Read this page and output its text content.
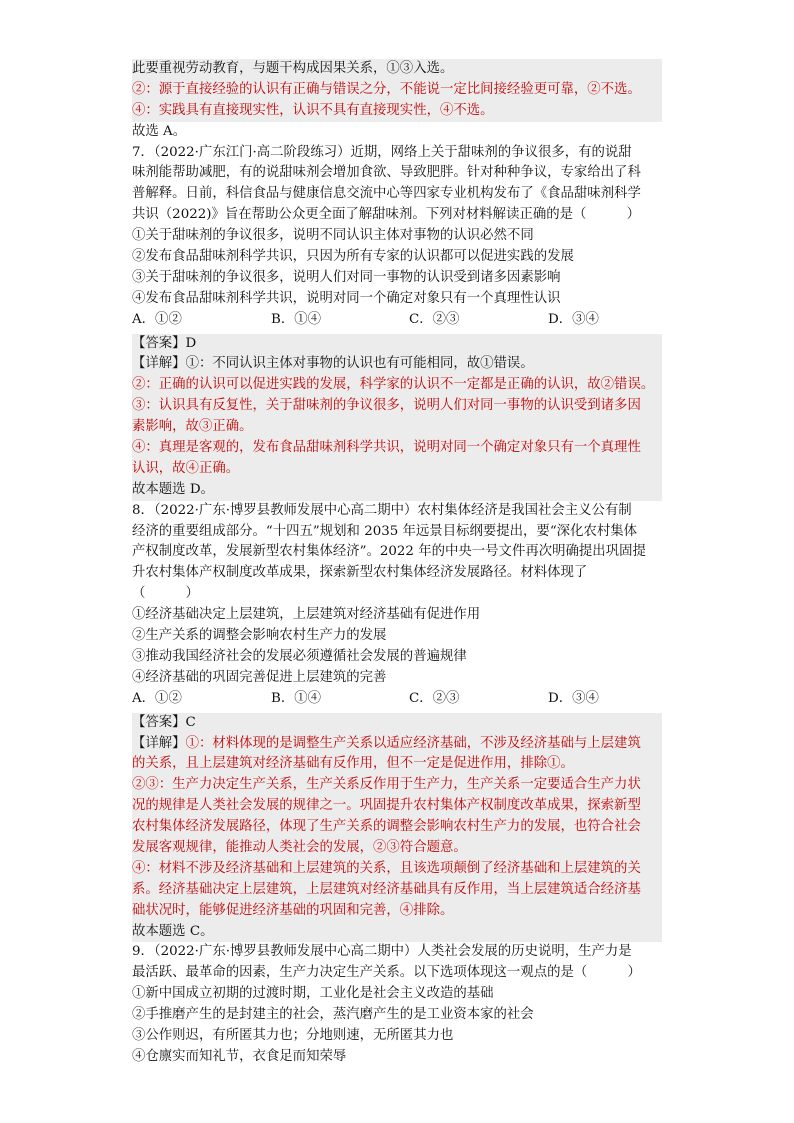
此要重视劳动教育，与题干构成因果关系，①③入选。
②：源于直接经验的认识有正确与错误之分，不能说一定比间接经验更可靠，②不选。
④：实践具有直接现实性，认识不具有直接现实性，④不选。
故选 A。
7．（2022·广东江门·高二阶段练习）近期，网络上关于甜味剂的争议很多，有的说甜
味剂能帮助减肥，有的说甜味剂会增加食欲、导致肥胖。针对种种争议，专家给出了科
普解释。日前，科信食品与健康信息交流中心等四家专业机构发布了《食品甜味剂科学
共识（2022)》旨在帮助公众更全面了解甜味剂。下列对材料解读正确的是（　　　）
①关于甜味剂的争议很多，说明不同认识主体对事物的认识必然不同
②发布食品甜味剂科学共识，只因为所有专家的认识都可以促进实践的发展
③关于甜味剂的争议很多，说明人们对同一事物的认识受到诸多因素影响
④发布食品甜味剂科学共识，说明对同一个确定对象只有一个真理性认识
A．①②	B．①④	C．②③	D．③④
【答案】D
【详解】①：不同认识主体对事物的认识也有可能相同，故①错误。
②：正确的认识可以促进实践的发展，科学家的认识不一定都是正确的认识，故②错误。
③：认识具有反复性，关于甜味剂的争议很多，说明人们对同一事物的认识受到诸多因
素影响，故③正确。
④：真理是客观的，发布食品甜味剂科学共识，说明对同一个确定对象只有一个真理性
认识，故④正确。
故本题选 D。
8．（2022·广东·博罗县教师发展中心高二期中）农村集体经济是我国社会主义公有制
经济的重要组成部分。“十四五”规划和 2035 年远景目标纲要提出，要“深化农村集体
产权制度改革，发展新型农村集体经济”。2022 年的中央一号文件再次明确提出巩固提
升农村集体产权制度改革成果，探索新型农村集体经济发展路径。材料体现了
（　　　）
①经济基础决定上层建筑，上层建筑对经济基础有促进作用
②生产关系的调整会影响农村生产力的发展
③推动我国经济社会的发展必须遵循社会发展的普遍规律
④经济基础的巩固完善促进上层建筑的完善
A．①②	B．①④	C．②③	D．③④
【答案】C
【详解】①：材料体现的是调整生产关系以适应经济基础，不涉及经济基础与上层建筑
的关系，且上层建筑对经济基础有反作用，但不一定是促进作用，排除①。
②③：生产力决定生产关系，生产关系反作用于生产力，生产关系一定要适合生产力状
况的规律是人类社会发展的规律之一。巩固提升农村集体产权制度改革成果，探索新型
农村集体经济发展路径，体现了生产关系的调整会影响农村生产力的发展，也符合社会
发展客观规律，能推动人类社会的发展，②③符合题意。
④：材料不涉及经济基础和上层建筑的关系，且该选项颠倒了经济基础和上层建筑的关
系。经济基础决定上层建筑，上层建筑对经济基础具有反作用，当上层建筑适合经济基
础状况时，能够促进经济基础的巩固和完善，④排除。
故本题选 C。
9．（2022·广东·博罗县教师发展中心高二期中）人类社会发展的历史说明，生产力是
最活跃、最革命的因素，生产力决定生产关系。以下选项体现这一观点的是（　　　）
①新中国成立初期的过渡时期，工业化是社会主义改造的基础
②手推磨产生的是封建主的社会，蒸汽磨产生的是工业资本家的社会
③公作则迟，有所匿其力也；分地则速，无所匿其力也
④仓廪实而知礼节，衣食足而知荣辱
